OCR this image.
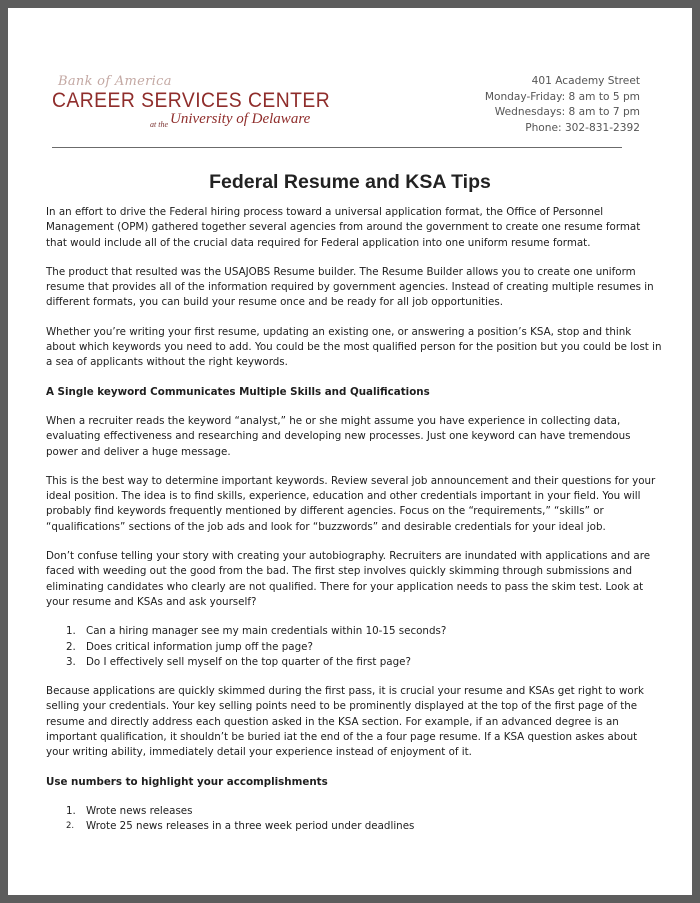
Bank of America
CAREER SERVICES CENTER
at the University of Delaware
401 Academy Street
Monday-Friday: 8 am to 5 pm
Wednesdays: 8 am to 7 pm
Phone: 302-831-2392
Federal Resume and KSA Tips

In an effort to drive the Federal hiring process toward a universal application format, the Office of Personnel Management (OPM) gathered together several agencies from around the government to create one resume format that would include all of the crucial data required for Federal application into one uniform resume format.

The product that resulted was the USAJOBS Resume builder. The Resume Builder allows you to create one uniform resume that provides all of the information required by government agencies. Instead of creating multiple resumes in different formats, you can build your resume once and be ready for all job opportunities.

Whether you’re writing your first resume, updating an existing one, or answering a position’s KSA, stop and think about which keywords you need to add. You could be the most qualified person for the position but you could be lost in a sea of applicants without the right keywords.

A Single keyword Communicates Multiple Skills and Qualifications

When a recruiter reads the keyword “analyst,” he or she might assume you have experience in collecting data, evaluating effectiveness and researching and developing new processes. Just one keyword can have tremendous power and deliver a huge message.

This is the best way to determine important keywords. Review several job announcement and their questions for your ideal position. The idea is to find skills, experience, education and other credentials important in your field. You will probably find keywords frequently mentioned by different agencies. Focus on the “requirements,” “skills” or “qualifications” sections of the job ads and look for “buzzwords” and desirable credentials for your ideal job.

Don’t confuse telling your story with creating your autobiography. Recruiters are inundated with applications and are faced with weeding out the good from the bad. The first step involves quickly skimming through submissions and eliminating candidates who clearly are not qualified. There for your application needs to pass the skim test. Look at your resume and KSAs and ask yourself?

1. Can a hiring manager see my main credentials within 10-15 seconds?
2. Does critical information jump off the page?
3. Do I effectively sell myself on the top quarter of the first page?

Because applications are quickly skimmed during the first pass, it is crucial your resume and KSAs get right to work selling your credentials. Your key selling points need to be prominently displayed at the top of the first page of the resume and directly address each question asked in the KSA section. For example, if an advanced degree is an important qualification, it shouldn’t be buried iat the end of the a four page resume. If a KSA question askes about your writing ability, immediately detail your experience instead of enjoyment of it.

Use numbers to highlight your accomplishments
1. Wrote news releases
2. Wrote 25 news releases in a three week period under deadlines
